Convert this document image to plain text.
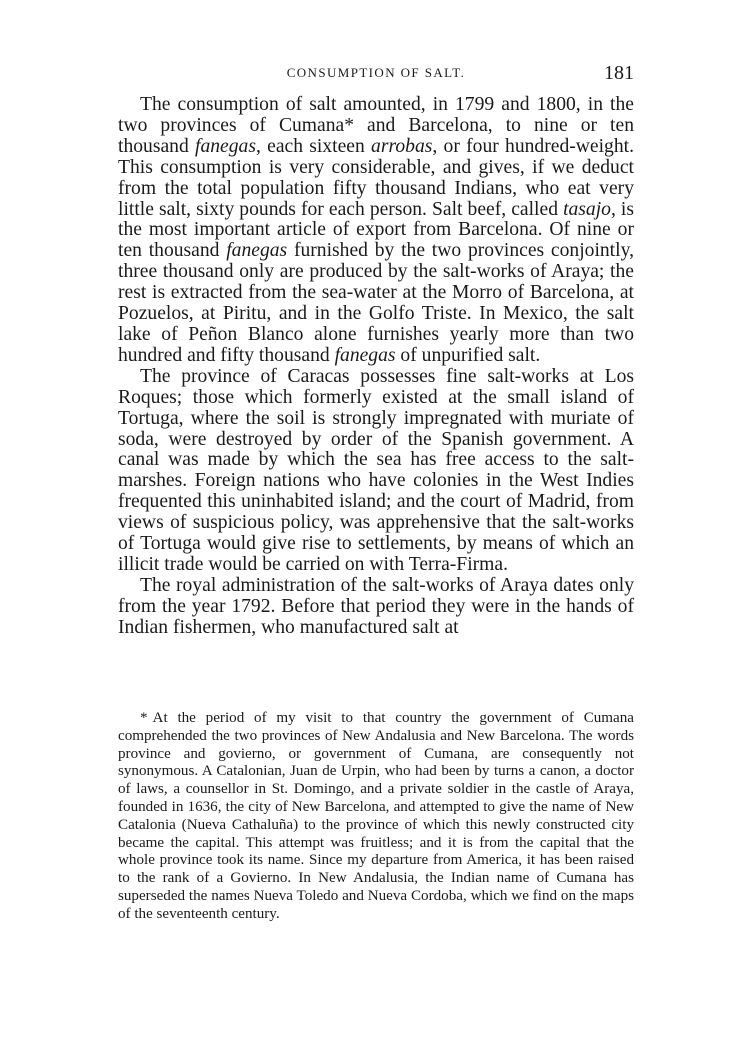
CONSUMPTION OF SALT.	181

The consumption of salt amounted, in 1799 and 1800, in the two provinces of Cumana* and Barcelona, to nine or ten thousand fanegas, each sixteen arrobas, or four hundred-weight. This consumption is very considerable, and gives, if we deduct from the total population fifty thousand Indians, who eat very little salt, sixty pounds for each person. Salt beef, called tasajo, is the most important article of export from Barcelona. Of nine or ten thousand fanegas furnished by the two provinces conjointly, three thousand only are produced by the salt-works of Araya; the rest is extracted from the sea-water at the Morro of Barcelona, at Pozuelos, at Piritu, and in the Golfo Triste. In Mexico, the salt lake of Peñon Blanco alone furnishes yearly more than two hundred and fifty thousand fanegas of unpurified salt.

The province of Caracas possesses fine salt-works at Los Roques; those which formerly existed at the small island of Tortuga, where the soil is strongly impregnated with muriate of soda, were destroyed by order of the Spanish government. A canal was made by which the sea has free access to the salt-marshes. Foreign nations who have colonies in the West Indies frequented this uninhabited island; and the court of Madrid, from views of suspicious policy, was apprehensive that the salt-works of Tortuga would give rise to settlements, by means of which an illicit trade would be carried on with Terra-Firma.

The royal administration of the salt-works of Araya dates only from the year 1792. Before that period they were in the hands of Indian fishermen, who manufactured salt at

* At the period of my visit to that country the government of Cumana comprehended the two provinces of New Andalusia and New Barcelona. The words province and govierno, or government of Cumana, are consequently not synonymous. A Catalonian, Juan de Urpin, who had been by turns a canon, a doctor of laws, a counsellor in St. Domingo, and a private soldier in the castle of Araya, founded in 1636, the city of New Barcelona, and attempted to give the name of New Catalonia (Nueva Cathaluña) to the province of which this newly constructed city became the capital. This attempt was fruitless; and it is from the capital that the whole province took its name. Since my departure from America, it has been raised to the rank of a Govierno. In New Andalusia, the Indian name of Cumana has superseded the names Nueva Toledo and Nueva Cordoba, which we find on the maps of the seventeenth century.
